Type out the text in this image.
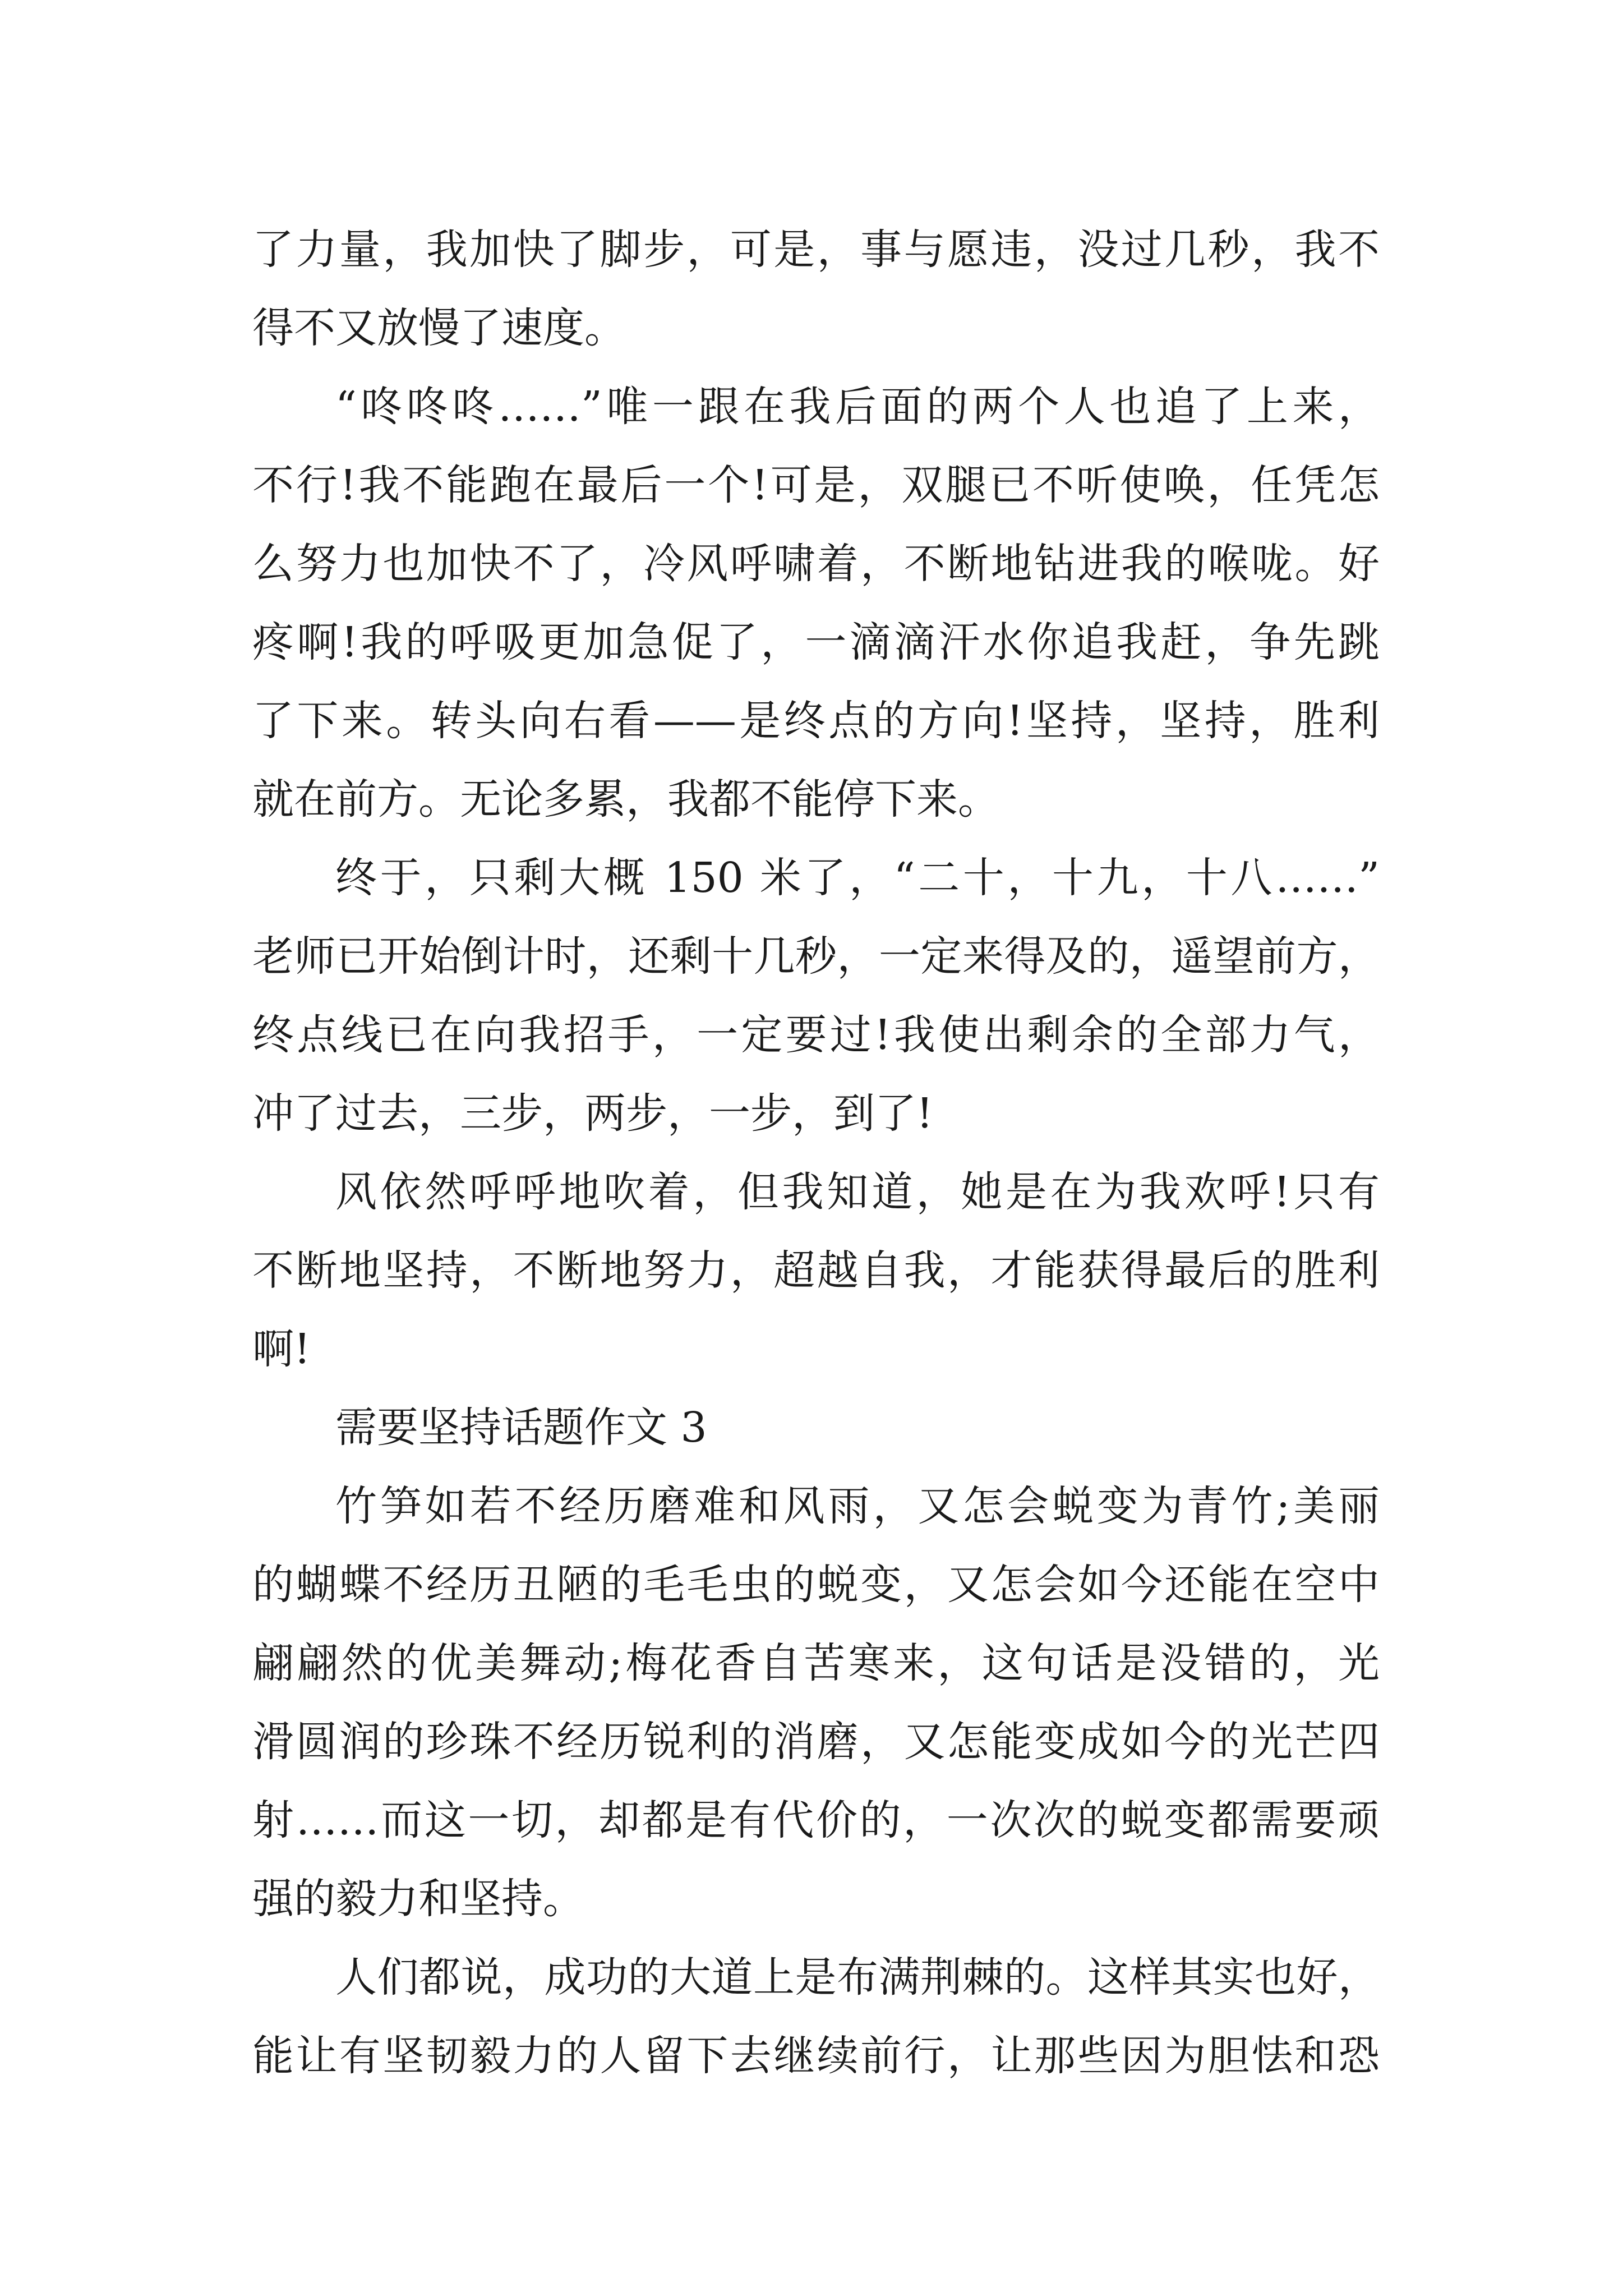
了力量，我加快了脚步，可是，事与愿违，没过几秒，我不
得不又放慢了速度。
“咚咚咚……”唯一跟在我后面的两个人也追了上来，
不行!我不能跑在最后一个!可是，双腿已不听使唤，任凭怎
么努力也加快不了，冷风呼啸着，不断地钻进我的喉咙。好
疼啊!我的呼吸更加急促了，一滴滴汗水你追我赶，争先跳
了下来。转头向右看——是终点的方向!坚持，坚持，胜利
就在前方。无论多累，我都不能停下来。
终于，只剩大概 150 米了，“二十，十九，十八……”
老师已开始倒计时，还剩十几秒，一定来得及的，遥望前方，
终点线已在向我招手，一定要过!我使出剩余的全部力气，
冲了过去，三步，两步，一步，到了!
风依然呼呼地吹着，但我知道，她是在为我欢呼!只有
不断地坚持，不断地努力，超越自我，才能获得最后的胜利
啊!
需要坚持话题作文 3
竹笋如若不经历磨难和风雨，又怎会蜕变为青竹;美丽
的蝴蝶不经历丑陋的毛毛虫的蜕变，又怎会如今还能在空中
翩翩然的优美舞动;梅花香自苦寒来，这句话是没错的，光
滑圆润的珍珠不经历锐利的消磨，又怎能变成如今的光芒四
射……而这一切，却都是有代价的，一次次的蜕变都需要顽
强的毅力和坚持。
人们都说，成功的大道上是布满荆棘的。这样其实也好，
能让有坚韧毅力的人留下去继续前行，让那些因为胆怯和恐
